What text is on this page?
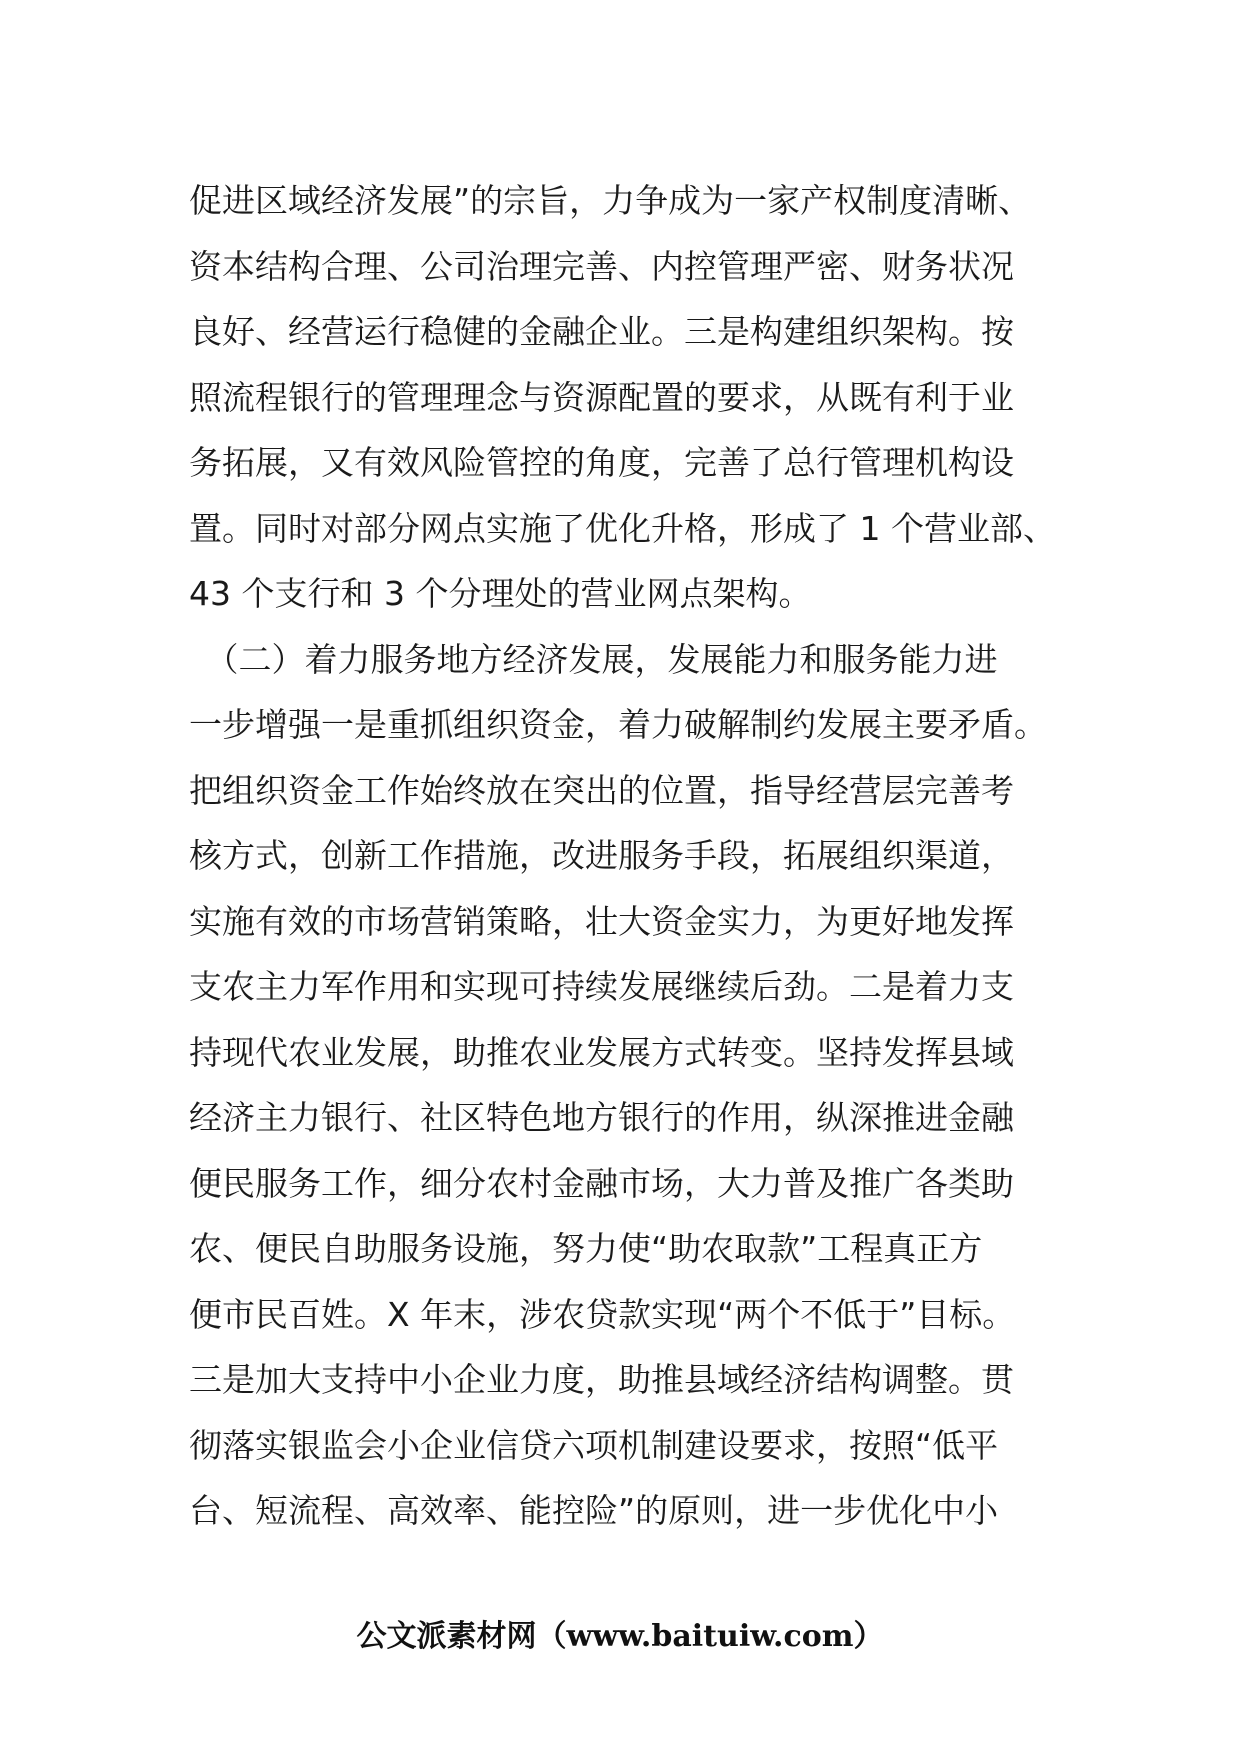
促进区域经济发展”的宗旨，力争成为一家产权制度清晰、
资本结构合理、公司治理完善、内控管理严密、财务状况
良好、经营运行稳健的金融企业。三是构建组织架构。按
照流程银行的管理理念与资源配置的要求，从既有利于业
务拓展，又有效风险管控的角度，完善了总行管理机构设
置。同时对部分网点实施了优化升格，形成了 1 个营业部、
43 个支行和 3 个分理处的营业网点架构。
　（二）着力服务地方经济发展，发展能力和服务能力进
一步增强一是重抓组织资金，着力破解制约发展主要矛盾。
把组织资金工作始终放在突出的位置，指导经营层完善考
核方式，创新工作措施，改进服务手段，拓展组织渠道，
实施有效的市场营销策略，壮大资金实力，为更好地发挥
支农主力军作用和实现可持续发展继续后劲。二是着力支
持现代农业发展，助推农业发展方式转变。坚持发挥县域
经济主力银行、社区特色地方银行的作用，纵深推进金融
便民服务工作，细分农村金融市场，大力普及推广各类助
农、便民自助服务设施，努力使“助农取款”工程真正方
便市民百姓。X 年末，涉农贷款实现“两个不低于”目标。
三是加大支持中小企业力度，助推县域经济结构调整。贯
彻落实银监会小企业信贷六项机制建设要求，按照“低平
台、短流程、高效率、能控险”的原则，进一步优化中小
公文派素材网（www.baituiw.com）
